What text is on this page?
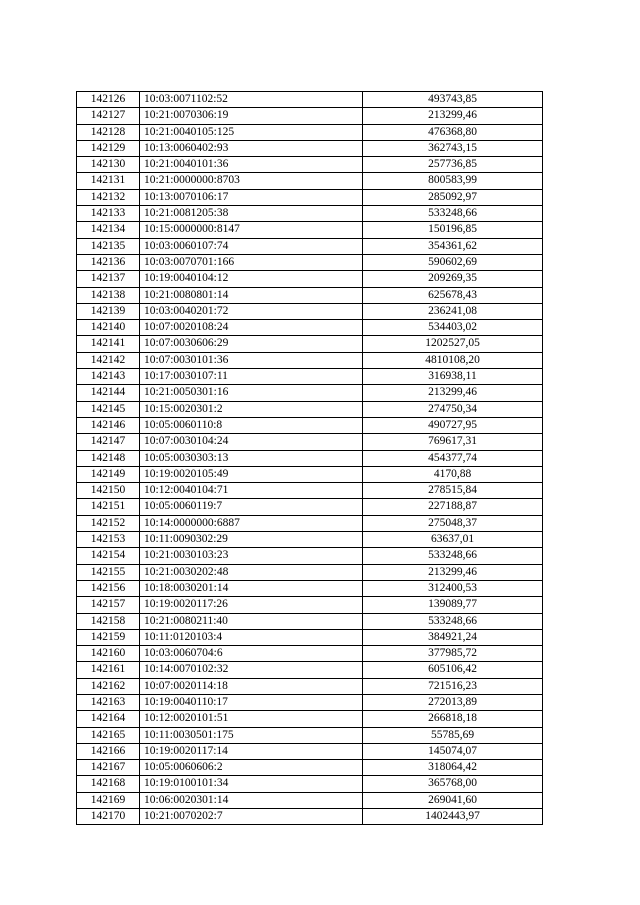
142126	10:03:0071102:52	493743,85
142127	10:21:0070306:19	213299,46
142128	10:21:0040105:125	476368,80
142129	10:13:0060402:93	362743,15
142130	10:21:0040101:36	257736,85
142131	10:21:0000000:8703	800583,99
142132	10:13:0070106:17	285092,97
142133	10:21:0081205:38	533248,66
142134	10:15:0000000:8147	150196,85
142135	10:03:0060107:74	354361,62
142136	10:03:0070701:166	590602,69
142137	10:19:0040104:12	209269,35
142138	10:21:0080801:14	625678,43
142139	10:03:0040201:72	236241,08
142140	10:07:0020108:24	534403,02
142141	10:07:0030606:29	1202527,05
142142	10:07:0030101:36	4810108,20
142143	10:17:0030107:11	316938,11
142144	10:21:0050301:16	213299,46
142145	10:15:0020301:2	274750,34
142146	10:05:0060110:8	490727,95
142147	10:07:0030104:24	769617,31
142148	10:05:0030303:13	454377,74
142149	10:19:0020105:49	4170,88
142150	10:12:0040104:71	278515,84
142151	10:05:0060119:7	227188,87
142152	10:14:0000000:6887	275048,37
142153	10:11:0090302:29	63637,01
142154	10:21:0030103:23	533248,66
142155	10:21:0030202:48	213299,46
142156	10:18:0030201:14	312400,53
142157	10:19:0020117:26	139089,77
142158	10:21:0080211:40	533248,66
142159	10:11:0120103:4	384921,24
142160	10:03:0060704:6	377985,72
142161	10:14:0070102:32	605106,42
142162	10:07:0020114:18	721516,23
142163	10:19:0040110:17	272013,89
142164	10:12:0020101:51	266818,18
142165	10:11:0030501:175	55785,69
142166	10:19:0020117:14	145074,07
142167	10:05:0060606:2	318064,42
142168	10:19:0100101:34	365768,00
142169	10:06:0020301:14	269041,60
142170	10:21:0070202:7	1402443,97
